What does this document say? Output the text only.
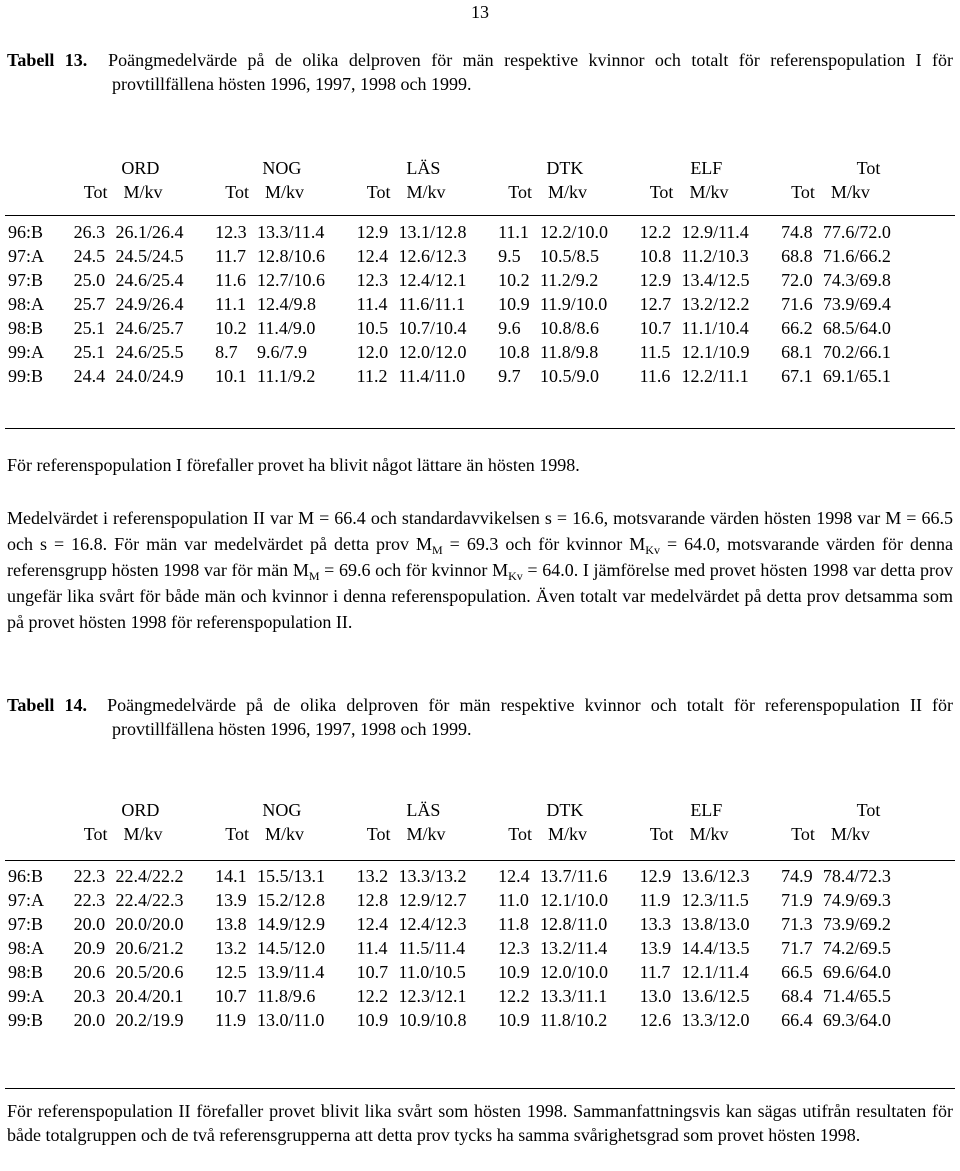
13
Tabell 13. Poängmedelvärde på de olika delproven för män respektive kvinnor och totalt för referenspopulation I för provtillfällena hösten 1996, 1997, 1998 och 1999.
	ORD		NOG		LÄS		DTK		ELF		Tot	
	Tot	M/kv	Tot	M/kv	Tot	M/kv	Tot	M/kv	Tot	M/kv	Tot	M/kv

96:B	26.3	26.1/26.4	12.3	13.3/11.4	12.9	13.1/12.8	11.1	12.2/10.0	12.2	12.9/11.4	74.8	77.6/72.0
97:A	24.5	24.5/24.5	11.7	12.8/10.6	12.4	12.6/12.3	9.5	10.5/8.5	10.8	11.2/10.3	68.8	71.6/66.2
97:B	25.0	24.6/25.4	11.6	12.7/10.6	12.3	12.4/12.1	10.2	11.2/9.2	12.9	13.4/12.5	72.0	74.3/69.8
98:A	25.7	24.9/26.4	11.1	12.4/9.8	11.4	11.6/11.1	10.9	11.9/10.0	12.7	13.2/12.2	71.6	73.9/69.4
98:B	25.1	24.6/25.7	10.2	11.4/9.0	10.5	10.7/10.4	9.6	10.8/8.6	10.7	11.1/10.4	66.2	68.5/64.0
99:A	25.1	24.6/25.5	8.7	9.6/7.9	12.0	12.0/12.0	10.8	11.8/9.8	11.5	12.1/10.9	68.1	70.2/66.1
99:B	24.4	24.0/24.9	10.1	11.1/9.2	11.2	11.4/11.0	9.7	10.5/9.0	11.6	12.2/11.1	67.1	69.1/65.1
För referenspopulation I förefaller provet ha blivit något lättare än hösten 1998.
Medelvärdet i referenspopulation II var M = 66.4 och standardavvikelsen s = 16.6, motsvarande värden hösten 1998 var M = 66.5 och s = 16.8. För män var medelvärdet på detta prov $M_M = 69.3$ och för kvinnor $M_{Kv} = 64.0$, motsvarande värden för denna referensgrupp hösten 1998 var för män $M_M = 69.6$ och för kvinnor $M_{Kv} = 64.0$. I jämförelse med provet hösten 1998 var detta prov ungefär lika svårt för både män och kvinnor i denna referenspopulation. Även totalt var medelvärdet på detta prov detsamma som på provet hösten 1998 för referenspopulation II.
Tabell 14. Poängmedelvärde på de olika delproven för män respektive kvinnor och totalt för referenspopulation II för provtillfällena hösten 1996, 1997, 1998 och 1999.
	ORD		NOG		LÄS		DTK		ELF		Tot	
	Tot	M/kv	Tot	M/kv	Tot	M/kv	Tot	M/kv	Tot	M/kv	Tot	M/kv

96:B	22.3	22.4/22.2	14.1	15.5/13.1	13.2	13.3/13.2	12.4	13.7/11.6	12.9	13.6/12.3	74.9	78.4/72.3
97:A	22.3	22.4/22.3	13.9	15.2/12.8	12.8	12.9/12.7	11.0	12.1/10.0	11.9	12.3/11.5	71.9	74.9/69.3
97:B	20.0	20.0/20.0	13.8	14.9/12.9	12.4	12.4/12.3	11.8	12.8/11.0	13.3	13.8/13.0	71.3	73.9/69.2
98:A	20.9	20.6/21.2	13.2	14.5/12.0	11.4	11.5/11.4	12.3	13.2/11.4	13.9	14.4/13.5	71.7	74.2/69.5
98:B	20.6	20.5/20.6	12.5	13.9/11.4	10.7	11.0/10.5	10.9	12.0/10.0	11.7	12.1/11.4	66.5	69.6/64.0
99:A	20.3	20.4/20.1	10.7	11.8/9.6	12.2	12.3/12.1	12.2	13.3/11.1	13.0	13.6/12.5	68.4	71.4/65.5
99:B	20.0	20.2/19.9	11.9	13.0/11.0	10.9	10.9/10.8	10.9	11.8/10.2	12.6	13.3/12.0	66.4	69.3/64.0
För referenspopulation II förefaller provet blivit lika svårt som hösten 1998. Sammanfattningsvis kan sägas utifrån resultaten för både totalgruppen och de två referensgrupperna att detta prov tycks ha samma svårighetsgrad som provet hösten 1998.
